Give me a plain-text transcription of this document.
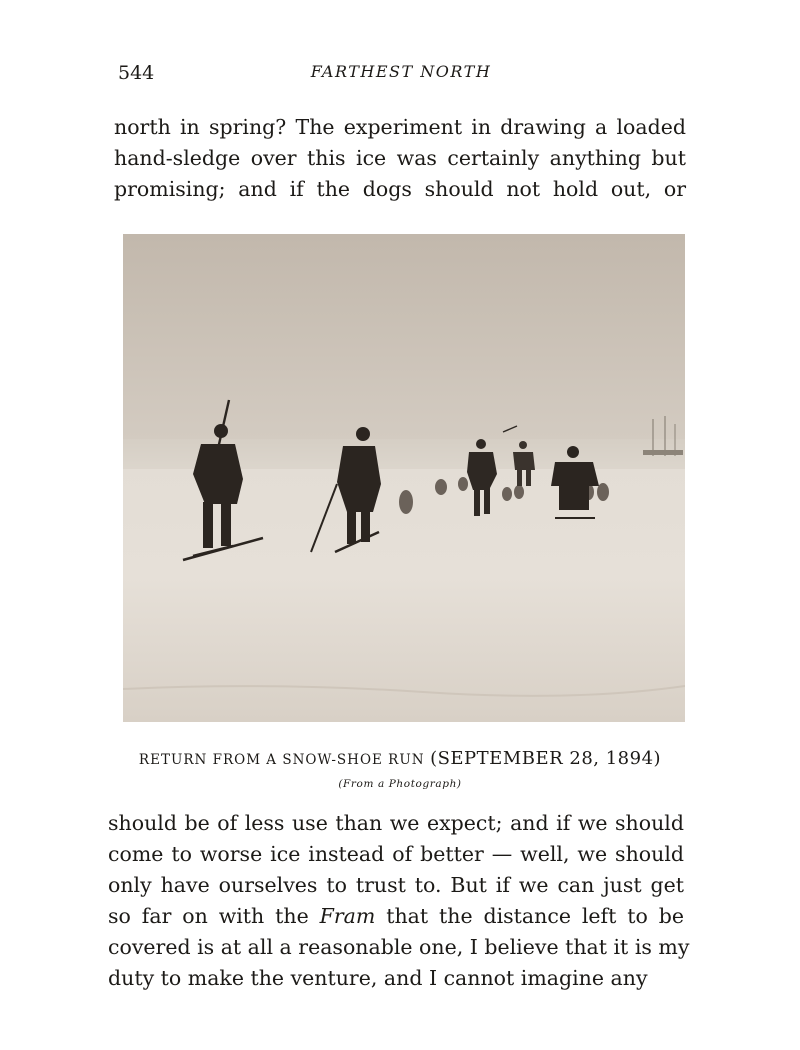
544	FARTHEST NORTH

north in spring? The experiment in drawing a loaded
hand-sledge over this ice was certainly anything but
promising; and if the dogs should not hold out, or

RETURN FROM A SNOW-SHOE RUN (SEPTEMBER 28, 1894)
(From a Photograph)

should be of less use than we expect; and if we should
come to worse ice instead of better — well, we should
only have ourselves to trust to. But if we can just get
so far on with the Fram that the distance left to be
covered is at all a reasonable one, I believe that it is my
duty to make the venture, and I cannot imagine any
